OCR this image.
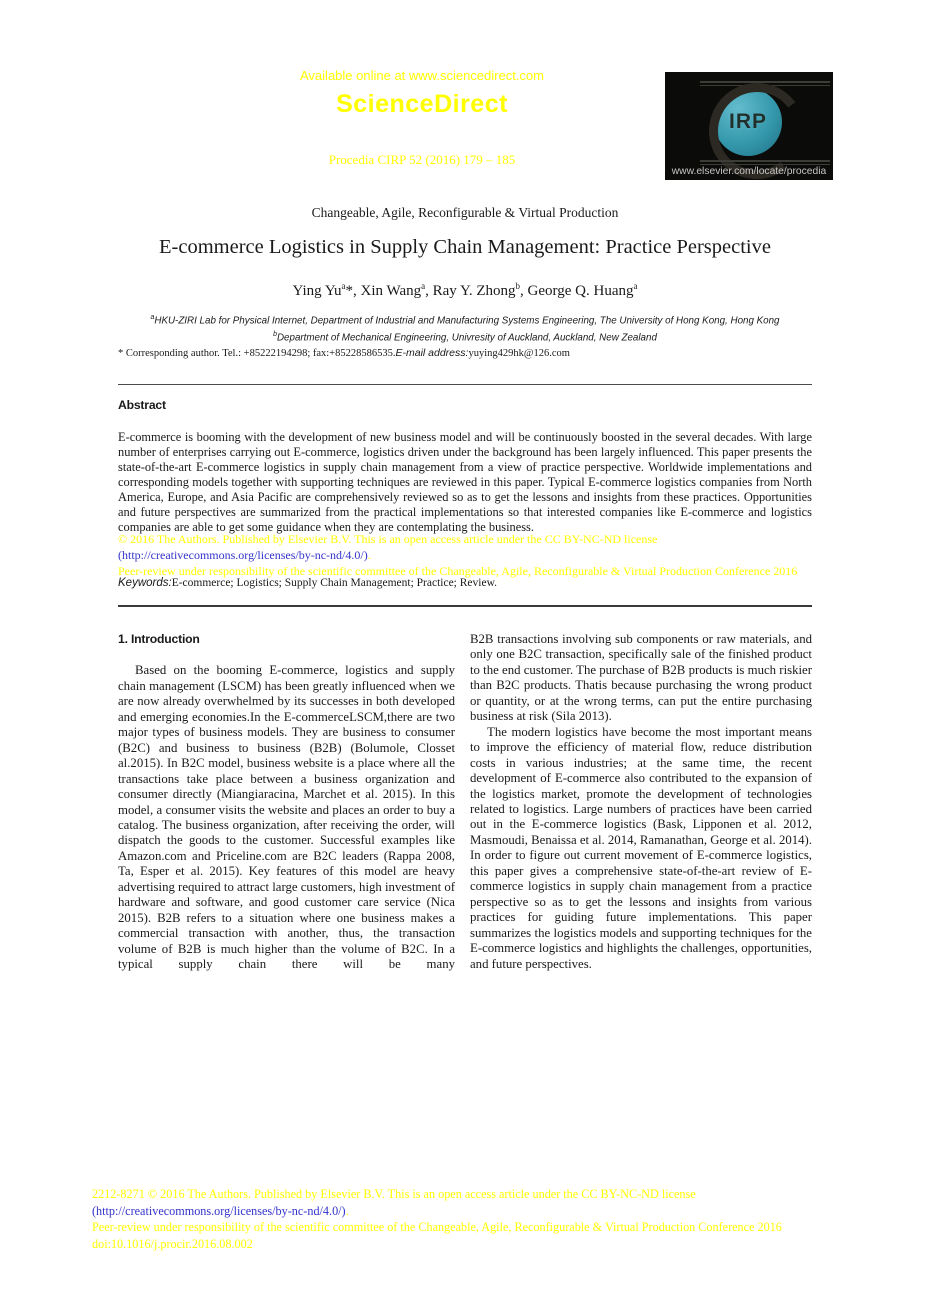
Available online at www.sciencedirect.com
ScienceDirect
Procedia CIRP 52 (2016) 179 – 185
IRP
www.elsevier.com/locate/procedia
Changeable, Agile, Reconfigurable & Virtual Production
E-commerce Logistics in Supply Chain Management: Practice Perspective
Ying Yu$^a$*, Xin Wang$^a$, Ray Y. Zhong$^b$, George Q. Huang$^a$
$^a$HKU-ZIRI Lab for Physical Internet, Department of Industrial and Manufacturing Systems Engineering, The University of Hong Kong, Hong Kong
$^b$Department of Mechanical Engineering, Univresity of Auckland, Auckland, New Zealand
* Corresponding author. Tel.: +85222194298; fax:+85228586535.E-mail address:yuying429hk@126.com
Abstract
E-commerce is booming with the development of new business model and will be continuously boosted in the several decades. With large number of enterprises carrying out E-commerce, logistics driven under the background has been largely influenced. This paper presents the state-of-the-art E-commerce logistics in supply chain management from a view of practice perspective. Worldwide implementations and corresponding models together with supporting techniques are reviewed in this paper. Typical E-commerce logistics companies from North America, Europe, and Asia Pacific are comprehensively reviewed so as to get the lessons and insights from these practices. Opportunities and future perspectives are summarized from the practical implementations so that interested companies like E-commerce and logistics companies are able to get some guidance when they are contemplating the business.
© 2016 The Authors. Published by Elsevier B.V. This is an open access article under the CC BY-NC-ND license
(http://creativecommons.org/licenses/by-nc-nd/4.0/).
Peer-review under responsibility of the scientific committee of the Changeable, Agile, Reconfigurable & Virtual Production Conference 2016
Keywords:E-commerce; Logistics; Supply Chain Management; Practice; Review.
1. Introduction

Based on the booming E-commerce, logistics and supply chain management (LSCM) has been greatly influenced when we are now already overwhelmed by its successes in both developed and emerging economies.In the E-commerceLSCM,there are two major types of business models. They are business to consumer (B2C) and business to business (B2B) (Bolumole, Closset al.2015). In B2C model, business website is a place where all the transactions take place between a business organization and consumer directly (Miangiaracina, Marchet et al. 2015). In this model, a consumer visits the website and places an order to buy a catalog. The business organization, after receiving the order, will dispatch the goods to the customer. Successful examples like Amazon.com and Priceline.com are B2C leaders (Rappa 2008, Ta, Esper et al. 2015). Key features of this model are heavy advertising required to attract large customers, high investment of hardware and software, and good customer care service (Nica 2015). B2B refers to a situation where one business makes a commercial transaction with another, thus, the transaction volume of B2B is much higher than the volume of B2C. In a typical supply chain there will be many

B2B transactions involving sub components or raw materials, and only one B2C transaction, specifically sale of the finished product to the end customer. The purchase of B2B products is much riskier than B2C products. Thatis because purchasing the wrong product or quantity, or at the wrong terms, can put the entire purchasing business at risk (Sila 2013).

The modern logistics have become the most important means to improve the efficiency of material flow, reduce distribution costs in various industries; at the same time, the recent development of E-commerce also contributed to the expansion of the logistics market, promote the development of technologies related to logistics. Large numbers of practices have been carried out in the E-commerce logistics (Bask, Lipponen et al. 2012, Masmoudi, Benaissa et al. 2014, Ramanathan, George et al. 2014). In order to figure out current movement of E-commerce logistics, this paper gives a comprehensive state-of-the-art review of E-commerce logistics in supply chain management from a practice perspective so as to get the lessons and insights from various practices for guiding future implementations. This paper summarizes the logistics models and supporting techniques for the E-commerce logistics and highlights the challenges, opportunities, and future perspectives.

2212-8271 © 2016 The Authors. Published by Elsevier B.V. This is an open access article under the CC BY-NC-ND license
(http://creativecommons.org/licenses/by-nc-nd/4.0/).
Peer-review under responsibility of the scientific committee of the Changeable, Agile, Reconfigurable & Virtual Production Conference 2016
doi:10.1016/j.procir.2016.08.002
